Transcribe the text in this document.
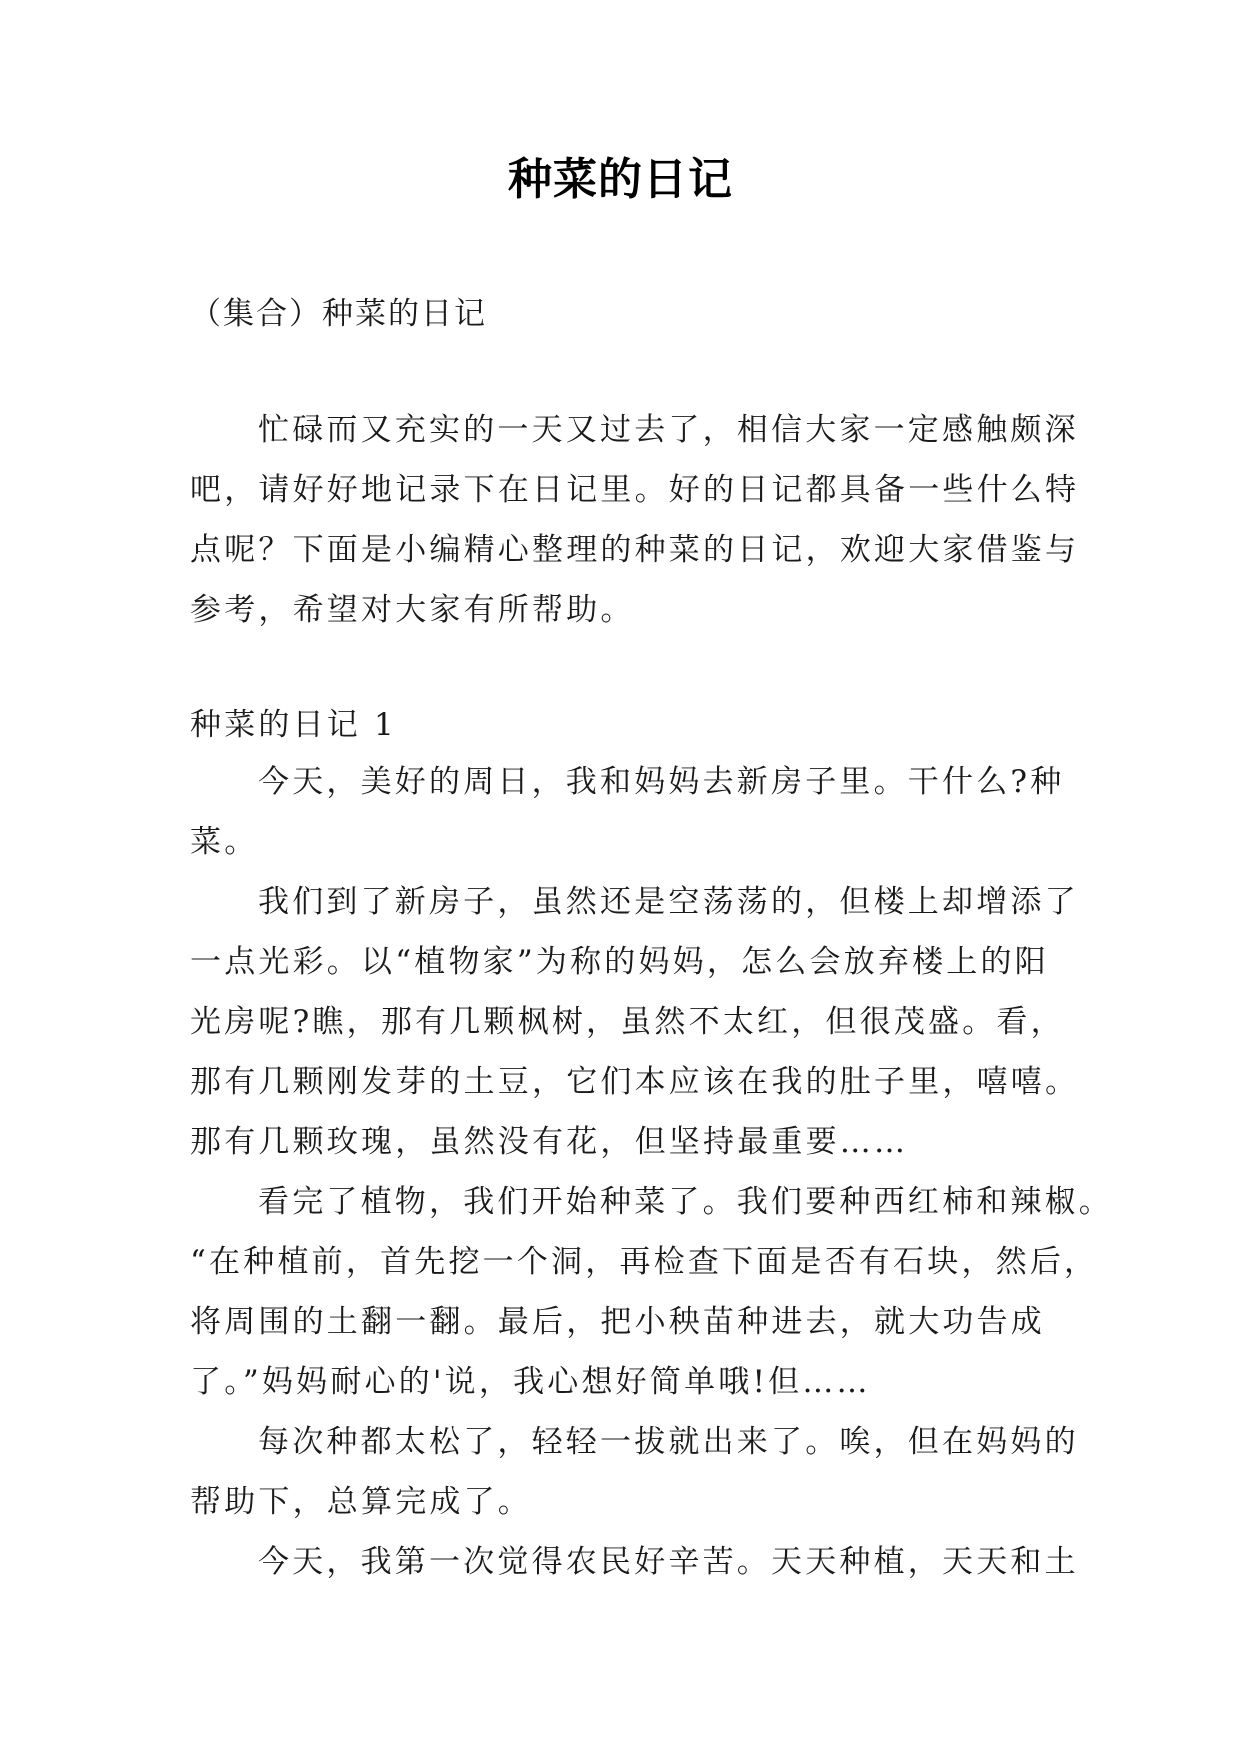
种菜的日记
（集合）种菜的日记
忙碌而又充实的一天又过去了，相信大家一定感触颇深
吧，请好好地记录下在日记里。好的日记都具备一些什么特
点呢？下面是小编精心整理的种菜的日记，欢迎大家借鉴与
参考，希望对大家有所帮助。
种菜的日记 1
今天，美好的周日，我和妈妈去新房子里。干什么?种
菜。
我们到了新房子，虽然还是空荡荡的，但楼上却增添了
一点光彩。以“植物家”为称的妈妈，怎么会放弃楼上的阳
光房呢?瞧，那有几颗枫树，虽然不太红，但很茂盛。看，
那有几颗刚发芽的土豆，它们本应该在我的肚子里，嘻嘻。
那有几颗玫瑰，虽然没有花，但坚持最重要……
看完了植物，我们开始种菜了。我们要种西红柿和辣椒。
“在种植前，首先挖一个洞，再检查下面是否有石块，然后，
将周围的土翻一翻。最后，把小秧苗种进去，就大功告成
了。”妈妈耐心的'说，我心想好简单哦!但……
每次种都太松了，轻轻一拔就出来了。唉，但在妈妈的
帮助下，总算完成了。
今天，我第一次觉得农民好辛苦。天天种植，天天和土
